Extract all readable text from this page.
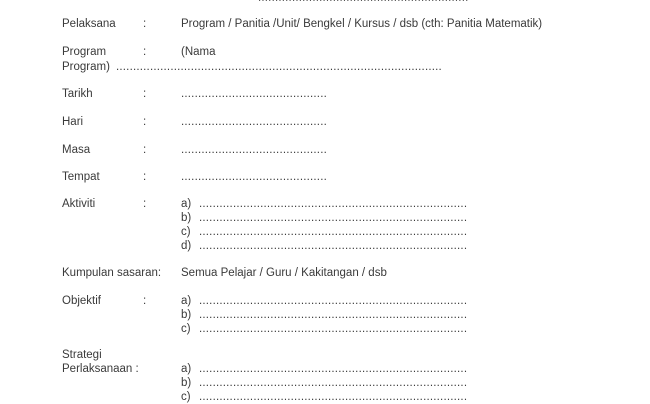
Pelaksana :	Program / Panitia /Unit/ Bengkel / Kursus / dsb (cth: Panitia Matematik)
Program	:	(Nama
Program) ................................................................................................
Tarikh	:	...........................................
Hari	:	...........................................
Masa	:	...........................................
Tempat	:	...........................................
Aktiviti	:	a) ...............................................................................
b) ...............................................................................
c) ...............................................................................
d) ...............................................................................
Kumpulan sasaran: Semua Pelajar / Guru / Kakitangan / dsb
Objektif	:	a) ...............................................................................
b) ...............................................................................
c) ...............................................................................
Strategi
Perlaksanaan :	a) ...............................................................................
b) ...............................................................................
c) ...............................................................................
